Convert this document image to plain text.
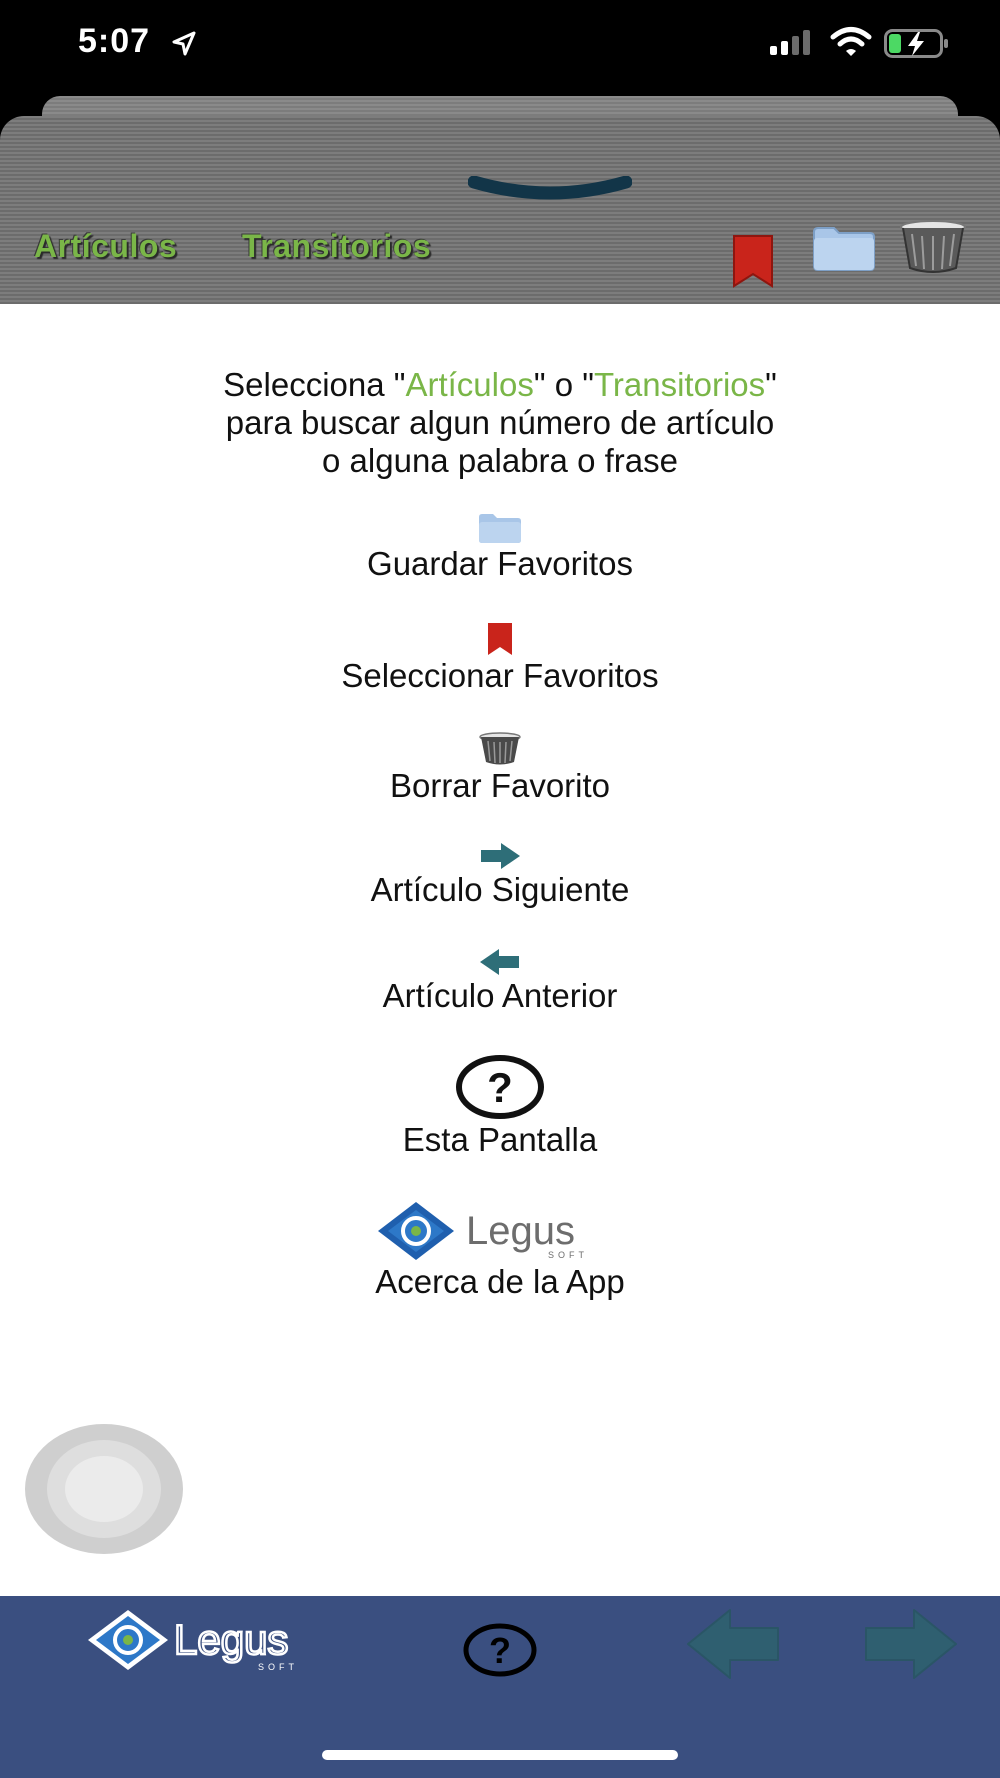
5:07
Artículos Transitorios
Selecciona "Artículos" o "Transitorios"
para buscar algun número de artículo
o alguna palabra o frase
Guardar Favoritos
Seleccionar Favoritos
Borrar Favorito
Artículo Siguiente
Artículo Anterior
?
Esta Pantalla
Legus
SOFT
Acerca de la App
Legus
SOFT	?
